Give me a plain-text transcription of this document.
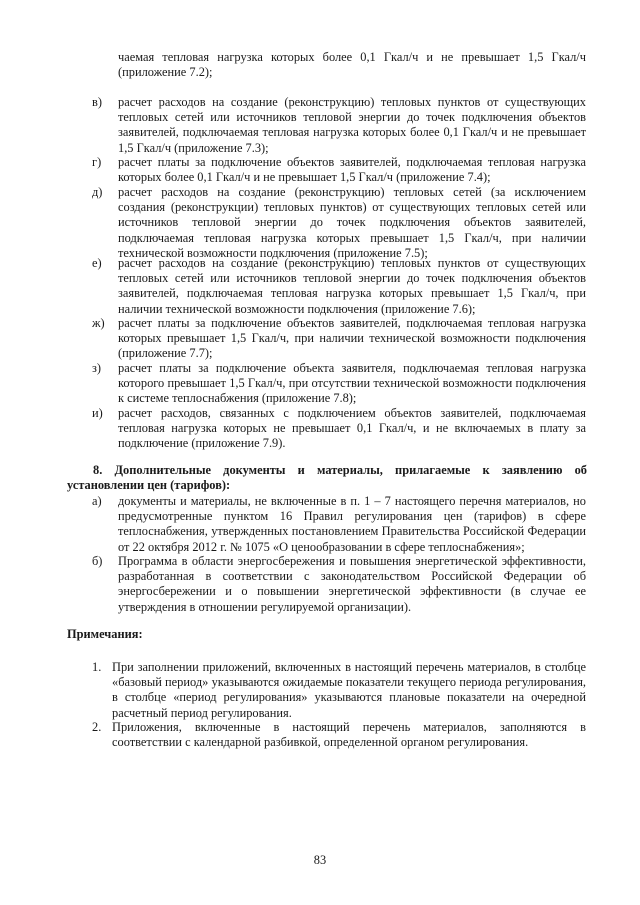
чаемая тепловая нагрузка которых более 0,1 Гкал/ч и не превышает 1,5 Гкал/ч (приложение 7.2);
в)	расчет расходов на создание (реконструкцию) тепловых пунктов от существующих тепловых сетей или источников тепловой энергии до точек подключения объектов заявителей, подключаемая тепловая нагрузка которых более 0,1 Гкал/ч и не превышает 1,5 Гкал/ч (приложение 7.3);
г)	расчет платы за подключение объектов заявителей, подключаемая тепловая нагрузка которых более 0,1 Гкал/ч и не превышает 1,5 Гкал/ч (приложение 7.4);
д)	расчет расходов на создание (реконструкцию) тепловых сетей (за исключением создания (реконструкции) тепловых пунктов) от существующих тепловых сетей или источников тепловой энергии до точек подключения объектов заявителей, подключаемая тепловая нагрузка которых превышает 1,5 Гкал/ч, при наличии технической возможности подключения (приложение 7.5);
е)	расчет расходов на создание (реконструкцию) тепловых пунктов от существующих тепловых сетей или источников тепловой энергии до точек подключения объектов заявителей, подключаемая тепловая нагрузка которых превышает 1,5 Гкал/ч, при наличии технической возможности подключения (приложение 7.6);
ж)	расчет платы за подключение объектов заявителей, подключаемая тепловая нагрузка которых превышает 1,5 Гкал/ч, при наличии технической возможности подключения (приложение 7.7);
з)	расчет платы за подключение объекта заявителя, подключаемая тепловая нагрузка которого превышает 1,5 Гкал/ч, при отсутствии технической возможности подключения к системе теплоснабжения (приложение 7.8);
и)	расчет расходов, связанных с подключением объектов заявителей, подключаемая тепловая нагрузка которых не превышает 0,1 Гкал/ч, и не включаемых в плату за подключение (приложение 7.9).
8. Дополнительные документы и материалы, прилагаемые к заявлению об установлении цен (тарифов):
а)	документы и материалы, не включенные в п. 1 – 7 настоящего перечня материалов, но предусмотренные пунктом 16 Правил регулирования цен (тарифов) в сфере теплоснабжения, утвержденных постановлением Правительства Российской Федерации от 22 октября 2012 г. № 1075 «О ценообразовании в сфере теплоснабжения»;
б)	Программа в области энергосбережения и повышения энергетической эффективности, разработанная в соответствии с законодательством Российской Федерации об энергосбережении и о повышении энергетической эффективности (в случае ее утверждения в отношении регулируемой организации).
Примечания:
1. При заполнении приложений, включенных в настоящий перечень материалов, в столбце «базовый период» указываются ожидаемые показатели текущего периода регулирования, в столбце «период регулирования» указываются плановые показатели на очередной расчетный период регулирования.
2. Приложения, включенные в настоящий перечень материалов, заполняются в соответствии с календарной разбивкой, определенной органом регулирования.
83
